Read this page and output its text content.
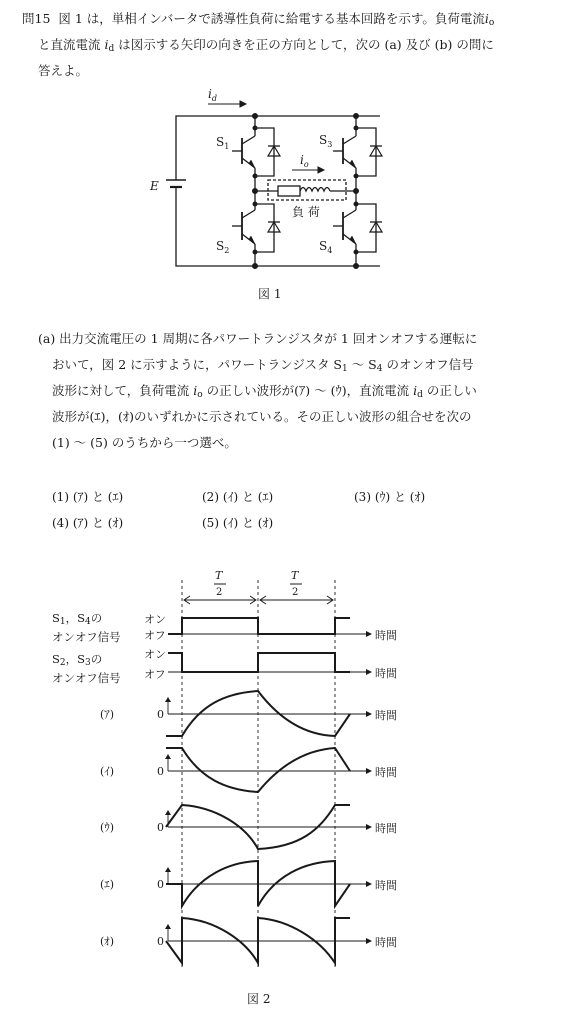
問15 図 1 は，単相インバータで誘導性負荷に給電する基本回路を示す。負荷電流$i_o$
と直流電流 $i_d$ は図示する矢印の向きを正の方向として，次の (a) 及び (b) の問に
答えよ。
E
$i_d$
$i_o$
負 荷
$S_1$
$S_2$
$S_3$
$S_4$
図 1
(a) 出力交流電圧の 1 周期に各パワートランジスタが 1 回オンオフする運転に
おいて，図 2 に示すように，パワートランジスタ $S_1$ ～ $S_4$ のオンオフ信号
波形に対して，負荷電流 $i_o$ の正しい波形が(ｱ) ～ (ｳ)，直流電流 $i_d$ の正しい
波形が(ｴ)，(ｵ)のいずれかに示されている。その正しい波形の組合せを次の
(1) ～ (5) のうちから一つ選べ。
(1) (ｱ) と (ｴ)	(2) (ｲ) と (ｴ)	(3) (ｳ) と (ｵ)
(4) (ｱ) と (ｵ)	(5) (ｲ) と (ｵ)
$S_1$，$S_4$の
オンオフ信号
$S_2$，$S_3$の
オンオフ信号
T
2
T
2
オン
オフ
オン
オフ
時間
時間
時間
時間
時間
時間
時間
0
0
0
0
0
(ｱ)
(ｲ)
(ｳ)
(ｴ)
(ｵ)
図 2
